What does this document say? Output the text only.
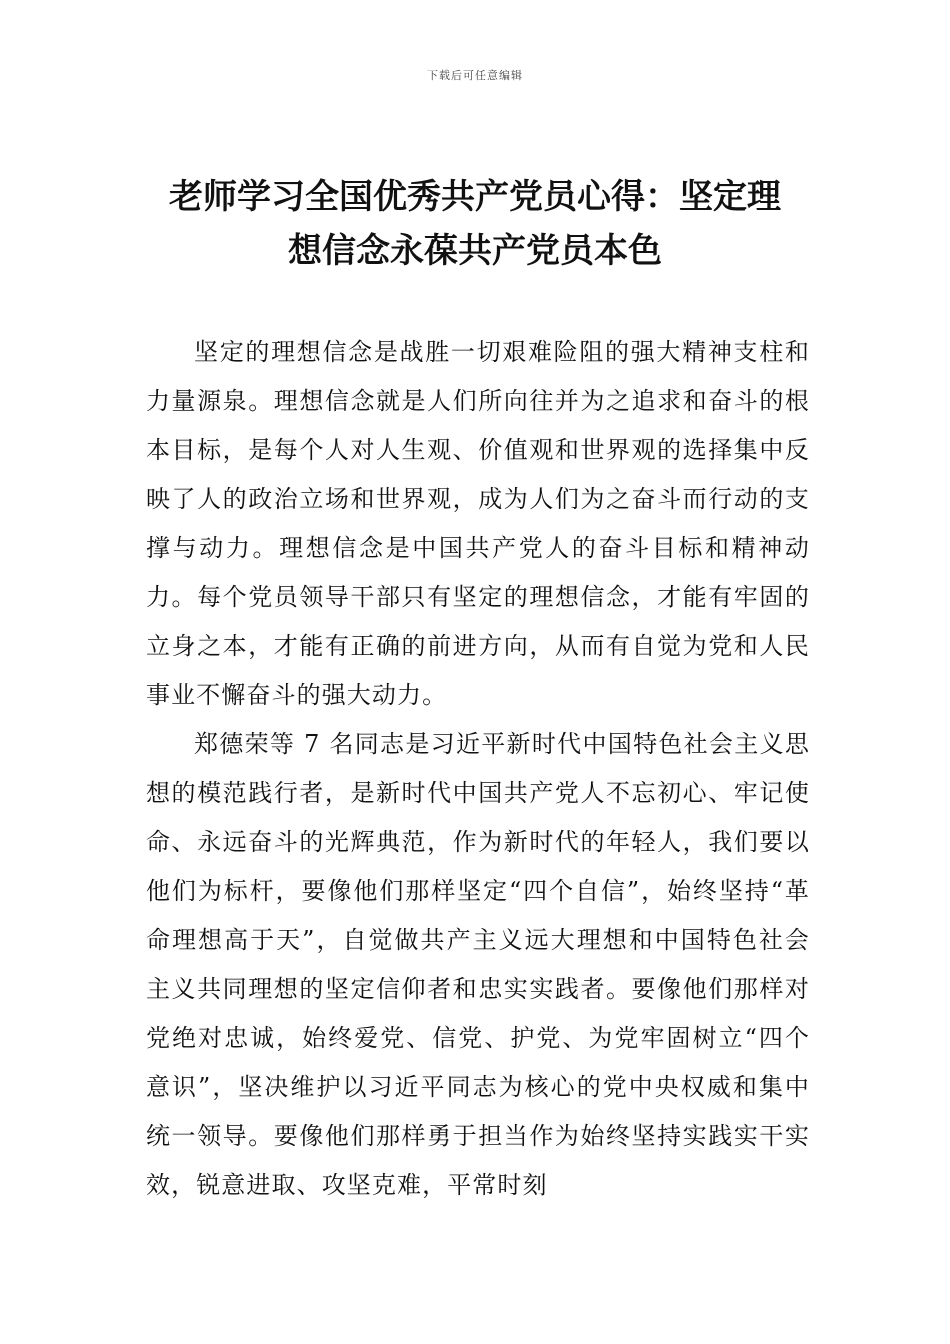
下载后可任意编辑
老师学习全国优秀共产党员心得：坚定理
想信念永葆共产党员本色

坚定的理想信念是战胜一切艰难险阻的强大精神支柱和力量源泉。理想信念就是人们所向往并为之追求和奋斗的根本目标，是每个人对人生观、价值观和世界观的选择集中反映了人的政治立场和世界观，成为人们为之奋斗而行动的支撑与动力。理想信念是中国共产党人的奋斗目标和精神动力。每个党员领导干部只有坚定的理想信念，才能有牢固的立身之本，才能有正确的前进方向，从而有自觉为党和人民事业不懈奋斗的强大动力。

郑德荣等 7 名同志是习近平新时代中国特色社会主义思想的模范践行者，是新时代中国共产党人不忘初心、牢记使命、永远奋斗的光辉典范，作为新时代的年轻人，我们要以他们为标杆，要像他们那样坚定“四个自信”，始终坚持“革命理想高于天”，自觉做共产主义远大理想和中国特色社会主义共同理想的坚定信仰者和忠实实践者。要像他们那样对党绝对忠诚，始终爱党、信党、护党、为党牢固树立“四个意识”，坚决维护以习近平同志为核心的党中央权威和集中统一领导。要像他们那样勇于担当作为始终坚持实践实干实效，锐意进取、攻坚克难，平常时刻
